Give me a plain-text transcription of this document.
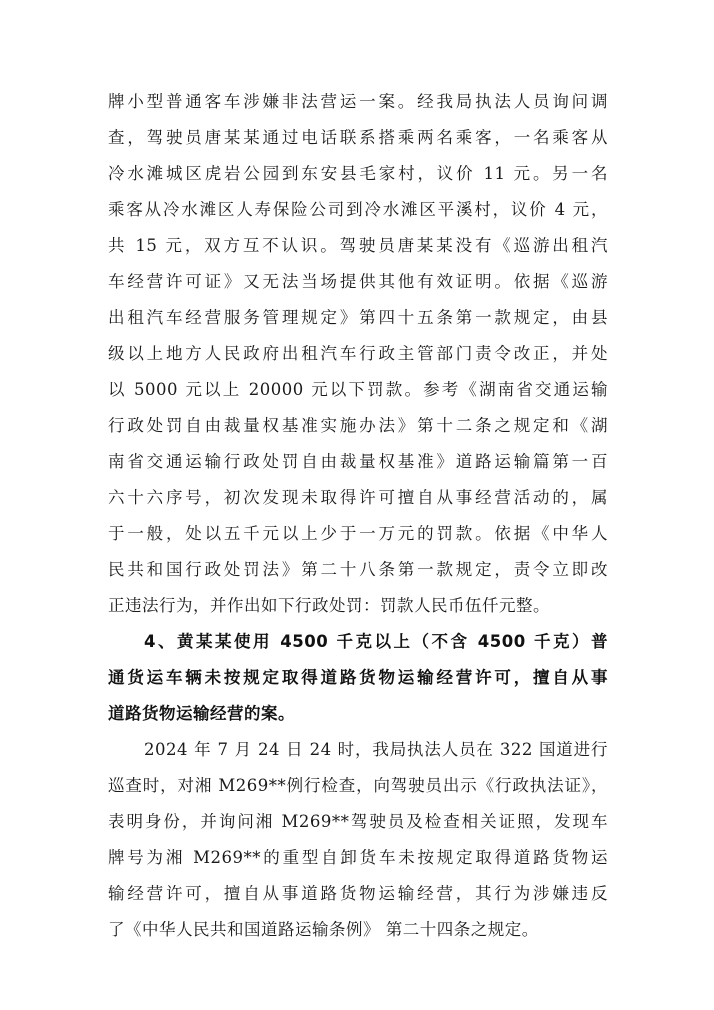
牌小型普通客车涉嫌非法营运一案。经我局执法人员询问调
查，驾驶员唐某某通过电话联系搭乘两名乘客，一名乘客从
冷水滩城区虎岩公园到东安县毛家村，议价 11 元。另一名
乘客从冷水滩区人寿保险公司到冷水滩区平溪村，议价 4 元，
共 15 元，双方互不认识。驾驶员唐某某没有《巡游出租汽
车经营许可证》又无法当场提供其他有效证明。依据《巡游
出租汽车经营服务管理规定》第四十五条第一款规定，由县
级以上地方人民政府出租汽车行政主管部门责令改正，并处
以 5000 元以上 20000 元以下罚款。参考《湖南省交通运输
行政处罚自由裁量权基准实施办法》第十二条之规定和《湖
南省交通运输行政处罚自由裁量权基准》道路运输篇第一百
六十六序号，初次发现未取得许可擅自从事经营活动的，属
于一般，处以五千元以上少于一万元的罚款。依据《中华人
民共和国行政处罚法》第二十八条第一款规定，责令立即改
正违法行为，并作出如下行政处罚：罚款人民币伍仟元整。
4、黄某某使用 4500 千克以上（不含 4500 千克）普
通货运车辆未按规定取得道路货物运输经营许可，擅自从事
道路货物运输经营的案。
2024 年 7 月 24 日 24 时，我局执法人员在 322 国道进行
巡查时，对湘 M269**例行检查，向驾驶员出示《行政执法证》，
表明身份，并询问湘 M269**驾驶员及检查相关证照，发现车
牌号为湘 M269**的重型自卸货车未按规定取得道路货物运
输经营许可，擅自从事道路货物运输经营，其行为涉嫌违反
了《中华人民共和国道路运输条例》 第二十四条之规定。
